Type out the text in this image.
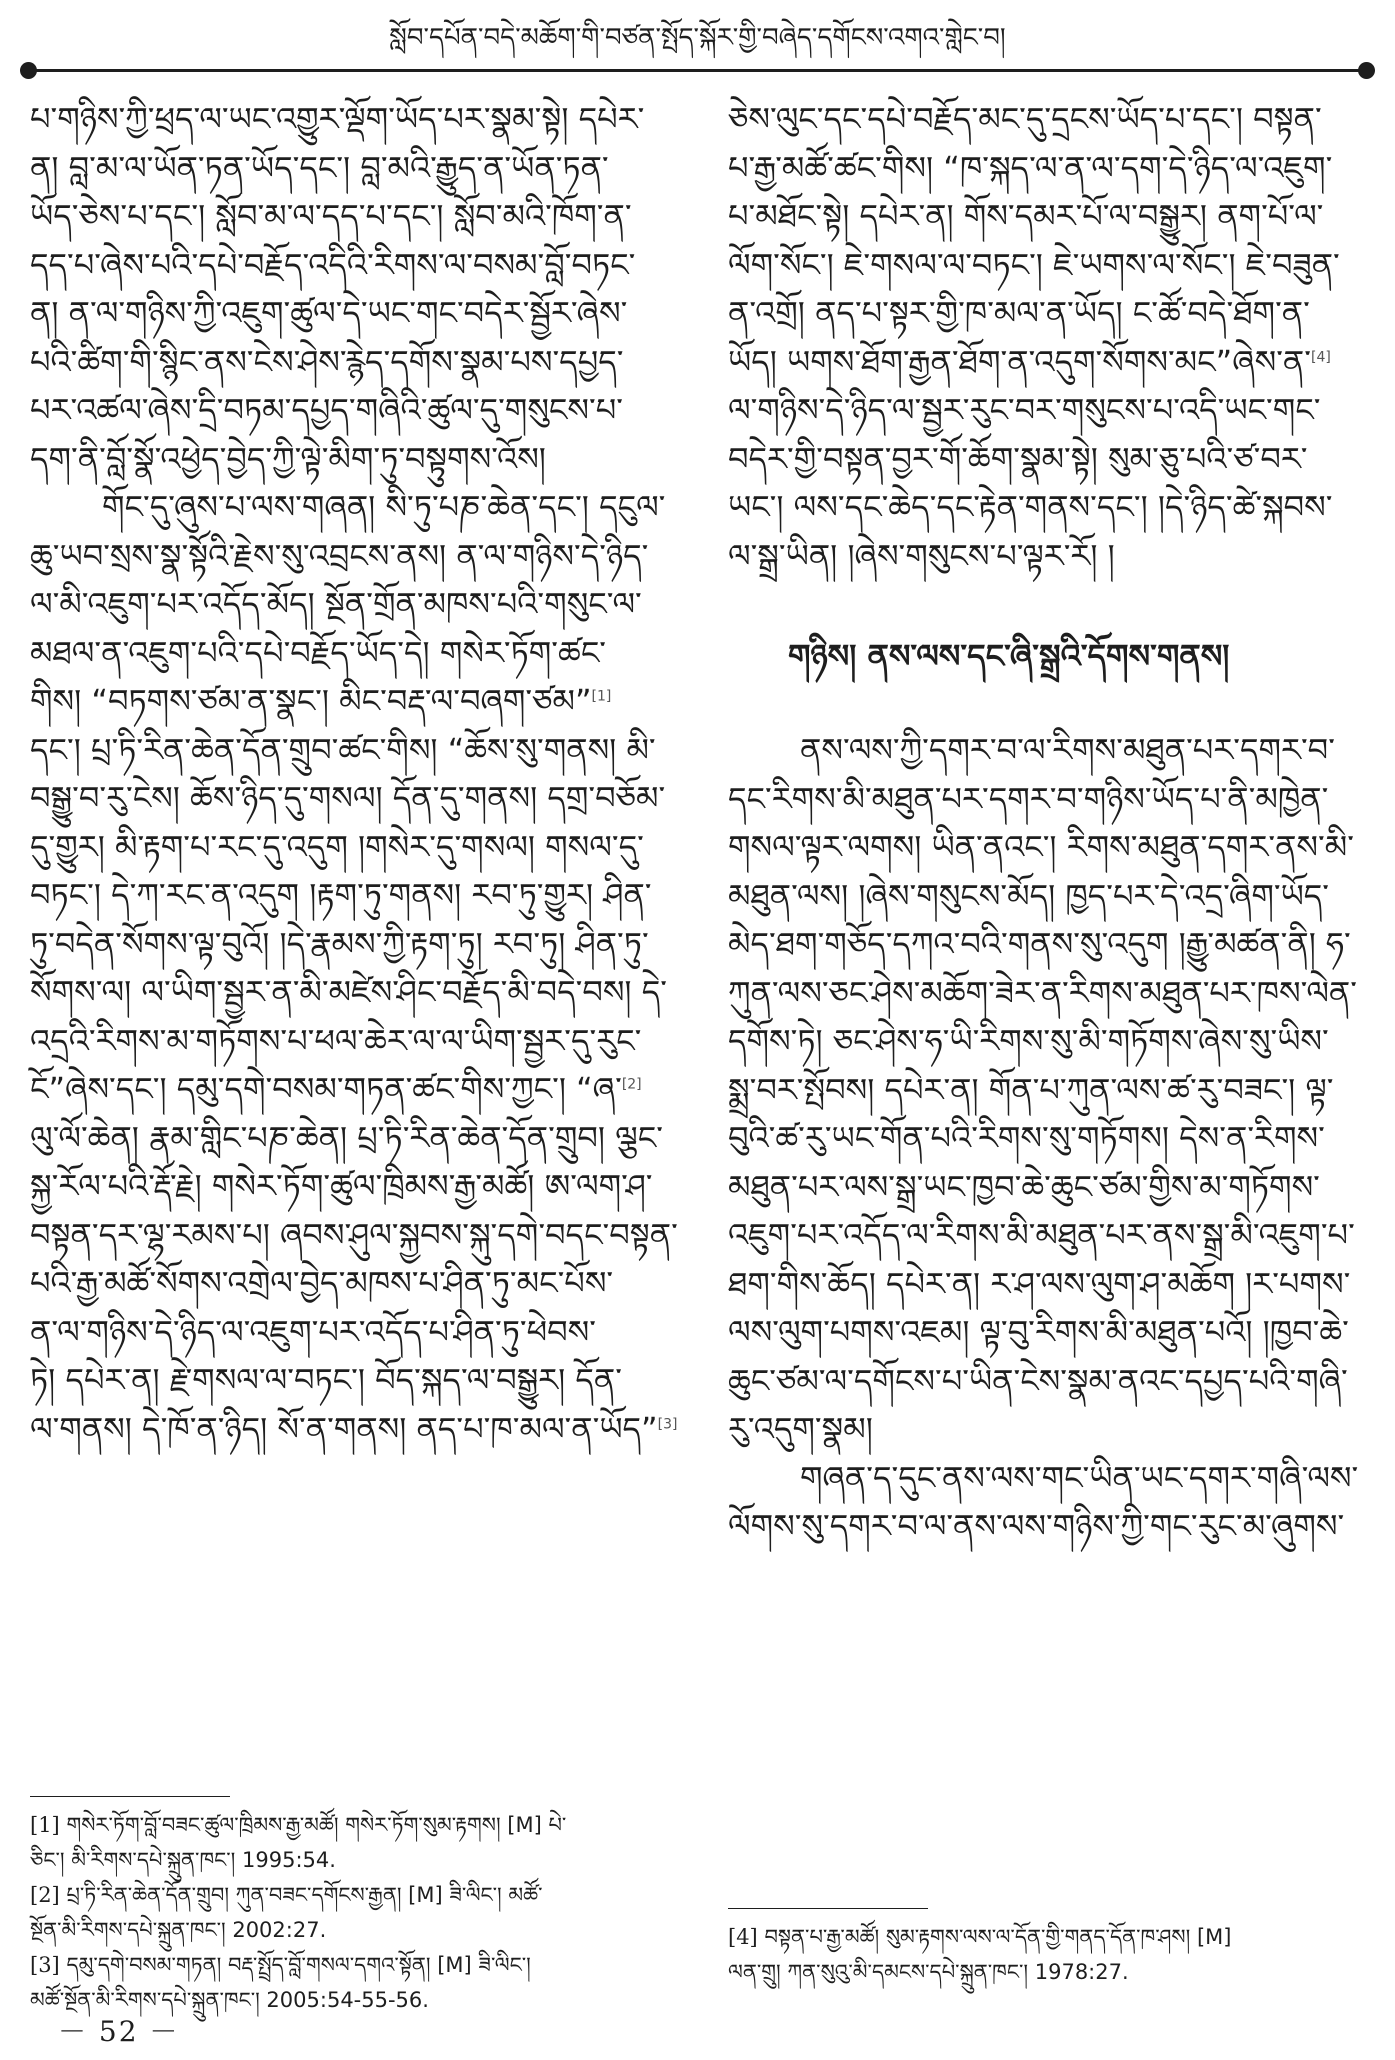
སློབ་དཔོན་བདེ་མཆོག་གི་བཙན་སྤོད་སྐོར་གྱི་བཞེད་དགོངས་འགའ་གླེང་བ།
པ་གཉིས་ཀྱི་ཕྲད་ལ་ཡང་འགྱུར་ལྡོག་ཡོད་པར་སྣམ་སྟེ། དཔེར་
ན། བླ་མ་ལ་ཡོན་ཏན་ཡོད་དང་། བླ་མའི་རྒྱུད་ན་ཡོན་ཏན་
ཡོད་ཅེས་པ་དང་། སློབ་མ་ལ་དད་པ་དང་། སློབ་མའི་ཁོག་ན་
དད་པ་ཞེས་པའི་དཔེ་བརྗོད་འདིའི་རིགས་ལ་བསམ་བློ་བཏང་
ན། ན་ལ་གཉིས་ཀྱི་འཇུག་ཚུལ་དེ་ཡང་གང་བདེར་སྦྱོར་ཞེས་
པའི་ཚིག་གི་སྙིང་ནས་ངེས་ཤེས་རྙེད་དགོས་སྣམ་པས་དཔྱད་
པར་འཚལ་ཞེས་དྲི་བཏམ་དཔྱད་གཞིའི་ཚུལ་དུ་གསུངས་པ་
དག་ནི་བློ་སྣོ་འཕྱེད་བྱེད་ཀྱི་ལྟེ་མིག་ཏུ་བསྟུགས་འོས།
གོང་དུ་ཞུས་པ་ལས་གཞན། སི་ཏུ་པཎ་ཆེན་དང་། དངུལ་
ཆུ་ཡབ་སྲས་སྣ་སྟོའི་རྗེས་སུ་འབྲངས་ནས། ན་ལ་གཉིས་དེ་ཉིད་
ལ་མི་འཇུག་པར་འདོད་མོད། སྔོན་གྲོན་མཁས་པའི་གསུང་ལ་
མཐལ་ན་འཇུག་པའི་དཔེ་བརྗོད་ཡོད་དེ། གསེར་ཏོག་ཚང་
གིས། “བཏགས་ཙམ་ན་སྣང་། མིང་བརྡ་ལ་བཞག་ཙམ”[1]
དང་། པྲ་ཏི་རིན་ཆེན་དོན་གྲུབ་ཚང་གིས། “ཆོས་སུ་གནས། མི་
བསྒྱུ་བ་རུ་ངེས། ཆོས་ཉིད་དུ་གསལ། དོན་དུ་གནས། དགྲ་བཅོམ་
དུ་གྱུར། མི་རྟག་པ་རང་དུ་འདུག །གསེར་དུ་གསལ། གསལ་དུ་
བཏང་། དེ་ཀ་རང་ན་འདུག །རྟག་ཏུ་གནས། རབ་ཏུ་གྱུར། ཤིན་
ཏུ་བདེན་སོགས་ལྟ་བུའོ། །དེ་རྣམས་ཀྱི་རྟག་ཏུ། རབ་ཏུ། ཤིན་ཏུ་
སོགས་ལ། ལ་ཡིག་སྦྱར་ན་མི་མཛེས་ཤིང་བརྗོད་མི་བདེ་བས། དེ་
འདྲའི་རིགས་མ་གཏོགས་པ་ཕལ་ཆེར་ལ་ལ་ཡིག་སྦྱར་དུ་རུང་
ངོ”ཞེས་དང་། དམུ་དགེ་བསམ་གཏན་ཚང་གིས་ཀྱང་། “ཞ་[2]
ལུ་ལོ་ཆེན། རྣམ་གླིང་པཎ་ཆེན། པྲ་ཏི་རིན་ཆེན་དོན་གྲུབ། ལྕང་
སྐྱ་རོལ་པའི་རྡོ་རྗེ། གསེར་ཏོག་ཚུལ་ཁྲིམས་རྒྱ་མཚོ། ཨ་ལག་ཤ་
བསྟན་དར་ལྷ་རམས་པ། ཞབས་ཤུལ་སྐྱབས་སྐུ་དགེ་བདང་བསྟན་
པའི་རྒྱ་མཚོ་སོགས་འགྲེལ་བྱེད་མཁས་པ་ཤིན་ཏུ་མང་པོས་
ན་ལ་གཉིས་དེ་ཉིད་ལ་འཇུག་པར་འདོད་པ་ཤིན་ཏུ་ཕེབས་
ཏེ། དཔེར་ན། རྗེ་གསལ་ལ་བཏང་། བོད་སྐད་ལ་བསྒྱུར། དོན་
ལ་གནས། དེ་ཁོ་ན་ཉིད། སོ་ན་གནས། ནད་པ་ཁ་མལ་ན་ཡོད”[3]
ཅེས་ལུང་དང་དཔེ་བརྗོད་མང་དུ་དྲངས་ཡོད་པ་དང་། བསྟན་
པ་རྒྱ་མཚོ་ཚང་གིས། “ཁ་སྐད་ལ་ན་ལ་དག་དེ་ཉིད་ལ་འཇུག་
པ་མཐོང་སྟེ། དཔེར་ན། གོས་དམར་པོ་ལ་བསྒྱུར། ནག་པོ་ལ་
ལོག་སོང་། ཇེ་གསལ་ལ་བཏང་། ཇེ་ཡགས་ལ་སོང་། ཇེ་བཟུན་
ན་འགྲོ། ནད་པ་སྟར་གྱི་ཁ་མལ་ན་ཡོད། ང་ཚོ་བདེ་ཐོག་ན་
ཡོད། ཡགས་ཐོག་རྒྱན་ཐོག་ན་འདུག་སོགས་མང”ཞེས་ན་[4]
ལ་གཉིས་དེ་ཉིད་ལ་སྦྱར་རུང་བར་གསུངས་པ་འདི་ཡང་གང་
བདེར་གྱི་བསྟན་བྱར་གོ་ཆོག་སྣམ་སྟེ། སུམ་ཅུ་པའི་ཙ་བར་
ཡང་། ལས་དང་ཆེད་དང་རྟེན་གནས་དང་། །དེ་ཉིད་ཚེ་སྐབས་
ལ་སྒྲ་ཡིན། །ཞེས་གསུངས་པ་ལྟར་རོ། །
གཉིས། ནས་ལས་དང་ཞི་སྒྲའི་དོགས་གནས།
ནས་ལས་ཀྱི་དགར་བ་ལ་རིགས་མཐུན་པར་དགར་བ་
དང་རིགས་མི་མཐུན་པར་དགར་བ་གཉིས་ཡོད་པ་ནི་མཁྱེན་
གསལ་ལྟར་ལགས། ཡིན་ནའང་། རིགས་མཐུན་དགར་ནས་མི་
མཐུན་ལས། །ཞེས་གསུངས་མོད། ཁྱད་པར་དེ་འདྲ་ཞིག་ཡོད་
མེད་ཐག་གཅོད་དཀའ་བའི་གནས་སུ་འདུག །རྒྱུ་མཚན་ནི། ཧ་
ཀུན་ལས་ཅང་ཤེས་མཆོག་ཟེར་ན་རིགས་མཐུན་པར་ཁས་ལེན་
དགོས་ཏེ། ཅང་ཤེས་ཧ་ཡི་རིགས་སུ་མི་གཏོགས་ཞེས་སུ་ཡིས་
སྨྲ་བར་སྤོབས། དཔེར་ན། གོན་པ་ཀུན་ལས་ཚ་རུ་བཟང་། ལྟ་
བུའི་ཚ་རུ་ཡང་གོན་པའི་རིགས་སུ་གཏོགས། དེས་ན་རིགས་
མཐུན་པར་ལས་སྒྲ་ཡང་ཁྱབ་ཆེ་ཆུང་ཙམ་གྱིས་མ་གཏོགས་
འཇུག་པར་འདོད་ལ་རིགས་མི་མཐུན་པར་ནས་སྒྲ་མི་འཇུག་པ་
ཐག་གིས་ཆོད། དཔེར་ན། ར་ཤ་ལས་ལུག་ཤ་མཆོག །ར་པགས་
ལས་ལུག་པགས་འཇམ། ལྟ་བུ་རིགས་མི་མཐུན་པའོ། །ཁྱབ་ཆེ་
ཆུང་ཙམ་ལ་དགོངས་པ་ཡིན་ངེས་སྣམ་ནའང་དཔྱད་པའི་གཞི་
རུ་འདུག་སྣམ།
གཞན་ད་དུང་ནས་ལས་གང་ཡིན་ཡང་དགར་གཞི་ལས་
ལོགས་སུ་དགར་བ་ལ་ནས་ལས་གཉིས་ཀྱི་གང་རུང་མ་ཞུགས་
[1] གསེར་ཏོག་བློ་བཟང་ཚུལ་ཁྲིམས་རྒྱ་མཚོ། གསེར་ཏོག་སུམ་རྟགས། [M] པེ་
ཅིང་། མི་རིགས་དཔེ་སྐྲུན་ཁང་། 1995:54.
[2] པྲ་ཏི་རིན་ཆེན་དོན་གྲུབ། ཀུན་བཟང་དགོངས་རྒྱན། [M] ཟི་ལིང་། མཚོ་
སྔོན་མི་རིགས་དཔེ་སྐྲུན་ཁང་། 2002:27.
[3] དམུ་དགེ་བསམ་གཏན། བརྡ་སྤྲོད་བློ་གསལ་དགའ་སྟོན། [M] ཟི་ལིང་།
མཚོ་སྔོན་མི་རིགས་དཔེ་སྐྲུན་ཁང་། 2005:54-55-56.
[4] བསྟན་པ་རྒྱ་མཚོ། སུམ་རྟགས་ལས་ལ་དོན་གྱི་གནད་དོན་ཁ་ཤས། [M]
ལན་གྲུ། ཀན་སུའུ་མི་དམངས་དཔེ་སྐྲུན་ཁང་། 1978:27.
－ 52 －
